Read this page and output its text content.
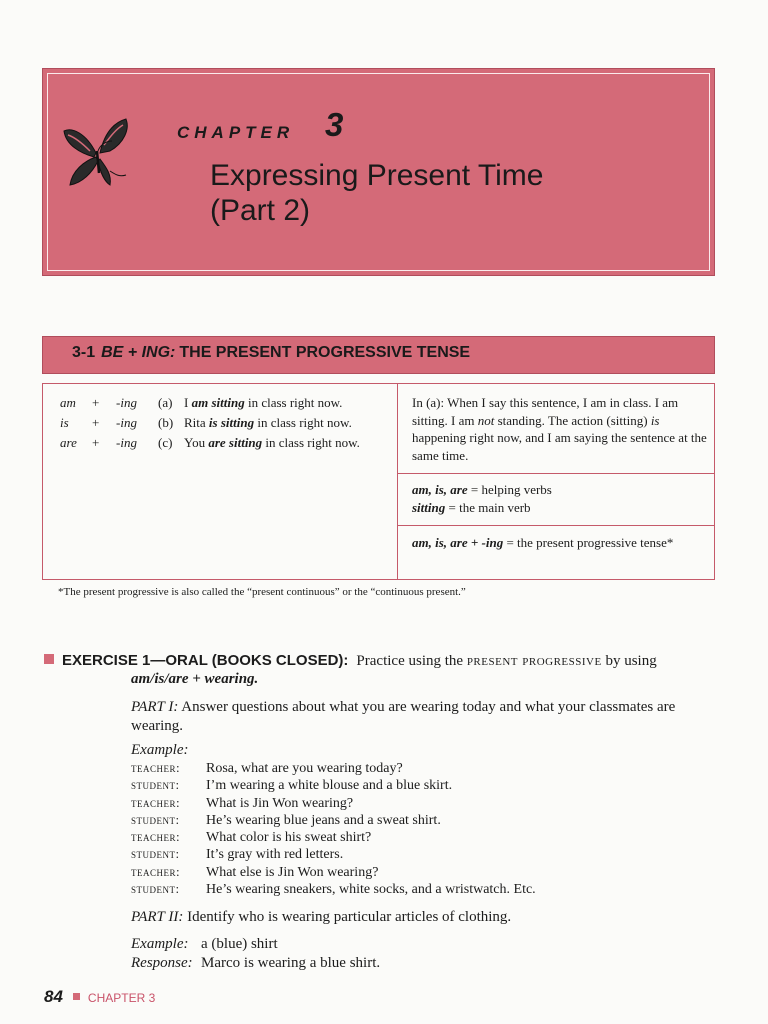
CHAPTER 3
Expressing Present Time
(Part 2)
3-1 BE + ING: THE PRESENT PROGRESSIVE TENSE
am	+	-ing	(a) I am sitting in class right now.
is	+	-ing	(b) Rita is sitting in class right now.
are	+	-ing	(c) You are sitting in class right now.
In (a): When I say this sentence, I am in class. I am sitting. I am not standing. The action (sitting) is happening right now, and I am saying the sentence at the same time.
am, is, are = helping verbs
sitting = the main verb
am, is, are + -ing = the present progressive tense*
*The present progressive is also called the “present continuous” or the “continuous present.”
EXERCISE 1—ORAL (BOOKS CLOSED): Practice using the present progressive by using
am/is/are + wearing.
PART I: Answer questions about what you are wearing today and what your classmates are wearing.
Example:
teacher:	Rosa, what are you wearing today?
student:	I’m wearing a white blouse and a blue skirt.
teacher:	What is Jin Won wearing?
student:	He’s wearing blue jeans and a sweat shirt.
teacher:	What color is his sweat shirt?
student:	It’s gray with red letters.
teacher:	What else is Jin Won wearing?
student:	He’s wearing sneakers, white socks, and a wristwatch. Etc.
PART II: Identify who is wearing particular articles of clothing.
Example: a (blue) shirt
Response: Marco is wearing a blue shirt.
84 CHAPTER 3
